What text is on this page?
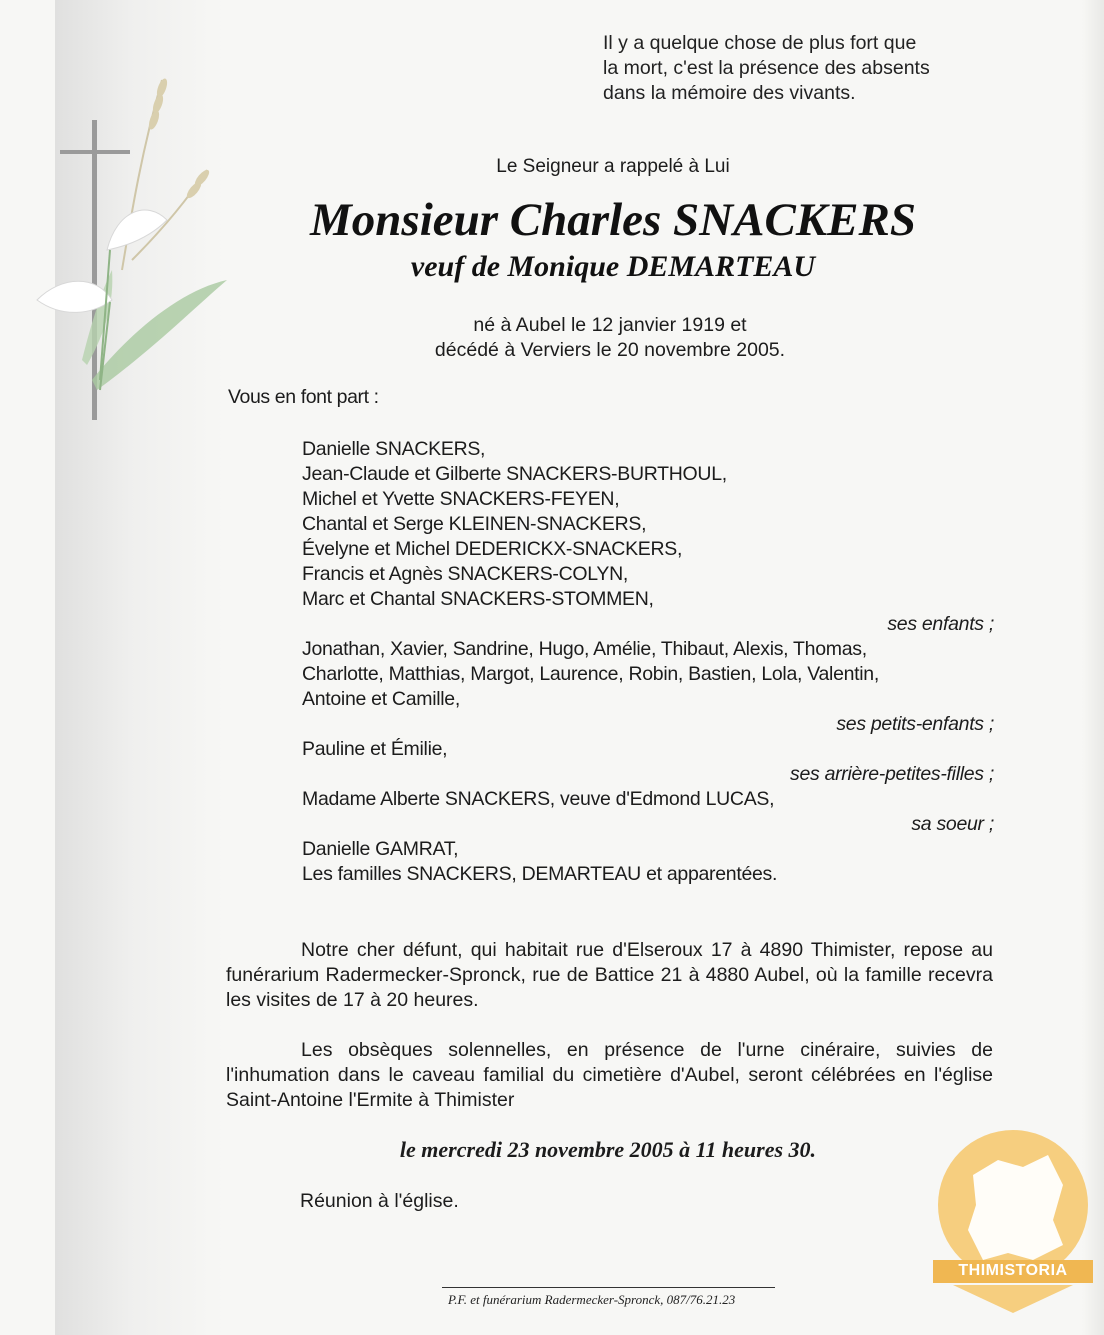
Il y a quelque chose de plus fort que
la mort, c'est la présence des absents
dans la mémoire des vivants.
Le Seigneur a rappelé à Lui
Monsieur Charles SNACKERS
veuf de Monique DEMARTEAU
né à Aubel le 12 janvier 1919 et
décédé à Verviers le 20 novembre 2005.
Vous en font part :
Danielle SNACKERS,
Jean-Claude et Gilberte SNACKERS-BURTHOUL,
Michel et Yvette SNACKERS-FEYEN,
Chantal et Serge KLEINEN-SNACKERS,
Évelyne et Michel DEDERICKX-SNACKERS,
Francis et Agnès SNACKERS-COLYN,
Marc et Chantal SNACKERS-STOMMEN,
ses enfants ;
Jonathan, Xavier, Sandrine, Hugo, Amélie, Thibaut, Alexis, Thomas,
Charlotte, Matthias, Margot, Laurence, Robin, Bastien, Lola, Valentin,
Antoine et Camille,
ses petits-enfants ;
Pauline et Émilie,
ses arrière-petites-filles ;
Madame Alberte SNACKERS, veuve d'Edmond LUCAS,
sa soeur ;
Danielle GAMRAT,
Les familles SNACKERS, DEMARTEAU et apparentées.
Notre cher défunt, qui habitait rue d'Elseroux 17 à 4890 Thimister, repose au funérarium Radermecker-Spronck, rue de Battice 21 à 4880 Aubel, où la famille recevra les visites de 17 à 20 heures.
Les obsèques solennelles, en présence de l'urne cinéraire, suivies de l'inhumation dans le caveau familial du cimetière d'Aubel, seront célébrées en l'église Saint-Antoine l'Ermite à Thimister
le mercredi 23 novembre 2005 à 11 heures 30.
Réunion à l'église.
P.F. et funérarium Radermecker-Spronck, 087/76.21.23
THIMISTORIA
